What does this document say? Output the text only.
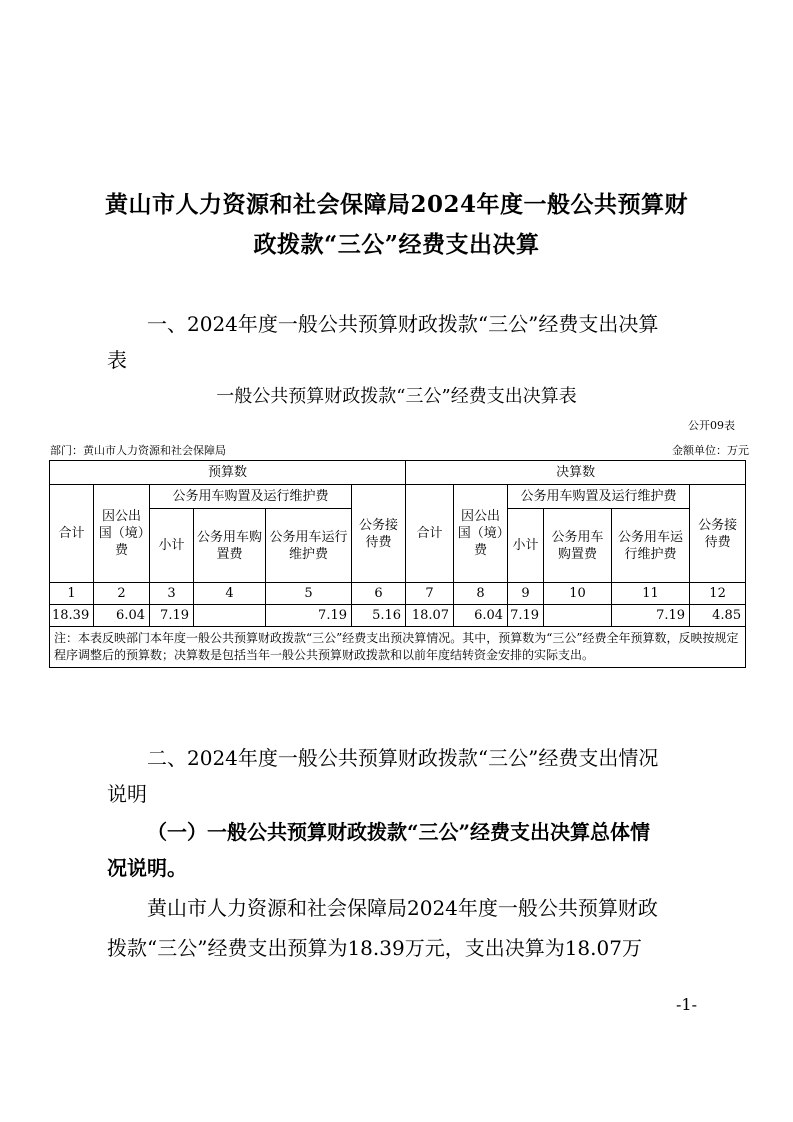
黄山市人力资源和社会保障局2024年度一般公共预算财
政拨款“三公”经费支出决算
一、2024年度一般公共预算财政拨款“三公”经费支出决算
表
一般公共预算财政拨款“三公”经费支出决算表
公开09表
部门：黄山市人力资源和社会保障局	金额单位：万元
预算数						决算数					
合计	因公出国（境）费	公务用车购置及运行维护费			公务接待费	合计	因公出国（境）费	公务用车购置及运行维护费			公务接待费
		小计	公务用车购置费	公务用车运行维护费				小计	公务用车购置费	公务用车运行维护费	
1	2	3	4	5	6	7	8	9	10	11	12
18.39	6.04	7.19		7.19	5.16	18.07	6.04	7.19		7.19	4.85
注：本表反映部门本年度一般公共预算财政拨款“三公”经费支出预决算情况。其中，预算数为“三公”经费全年预算数，反映按规定程序调整后的预算数；决算数是包括当年一般公共预算财政拨款和以前年度结转资金安排的实际支出。											
二、2024年度一般公共预算财政拨款“三公”经费支出情况
说明
（一）一般公共预算财政拨款“三公”经费支出决算总体情
况说明。
黄山市人力资源和社会保障局2024年度一般公共预算财政
拨款“三公”经费支出预算为18.39万元，支出决算为18.07万
-1-
